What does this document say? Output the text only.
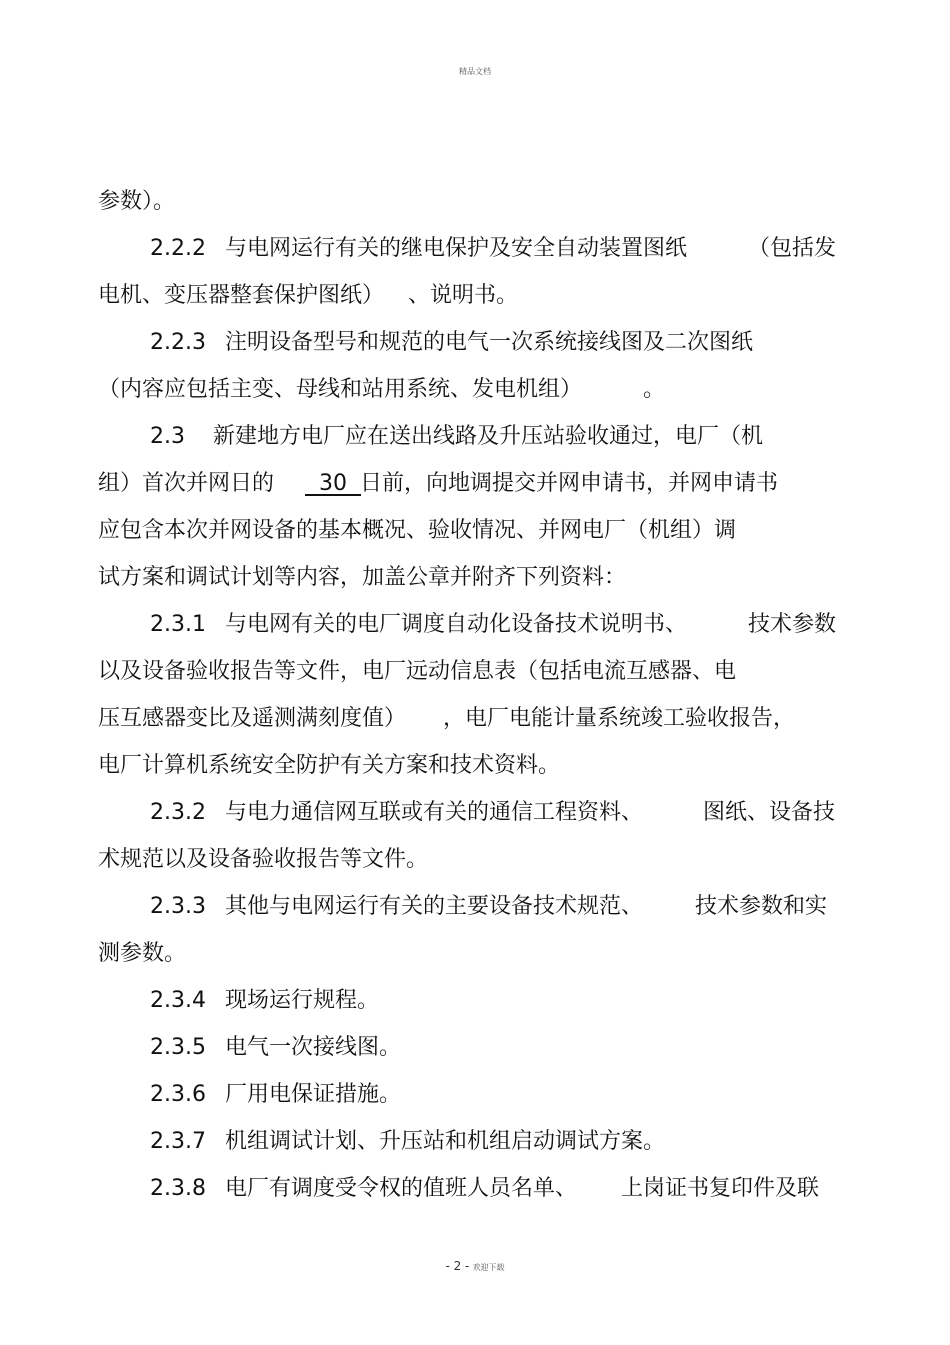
精品文档
参数）。
2.2.2 与电网运行有关的继电保护及安全自动装置图纸	（包括发
电机、变压器整套保护图纸） 、说明书。
2.2.3 注明设备型号和规范的电气一次系统接线图及二次图纸
（内容应包括主变、母线和站用系统、发电机组）	。
2.3 新建地方电厂应在送出线路及升压站验收通过，电厂（机
组）首次并网日的	30 日前，向地调提交并网申请书，并网申请书
应包含本次并网设备的基本概况、验收情况、并网电厂（机组）调
试方案和调试计划等内容，加盖公章并附齐下列资料：
2.3.1 与电网有关的电厂调度自动化设备技术说明书、	技术参数
以及设备验收报告等文件，电厂远动信息表（包括电流互感器、电
压互感器变比及遥测满刻度值） ，电厂电能计量系统竣工验收报告，
电厂计算机系统安全防护有关方案和技术资料。
2.3.2 与电力通信网互联或有关的通信工程资料、	图纸、设备技
术规范以及设备验收报告等文件。
2.3.3 其他与电网运行有关的主要设备技术规范、 技术参数和实
测参数。
2.3.4 现场运行规程。
2.3.5 电气一次接线图。
2.3.6 厂用电保证措施。
2.3.7 机组调试计划、升压站和机组启动调试方案。
2.3.8 电厂有调度受令权的值班人员名单、 上岗证书复印件及联
- 2 - 欢迎下载
